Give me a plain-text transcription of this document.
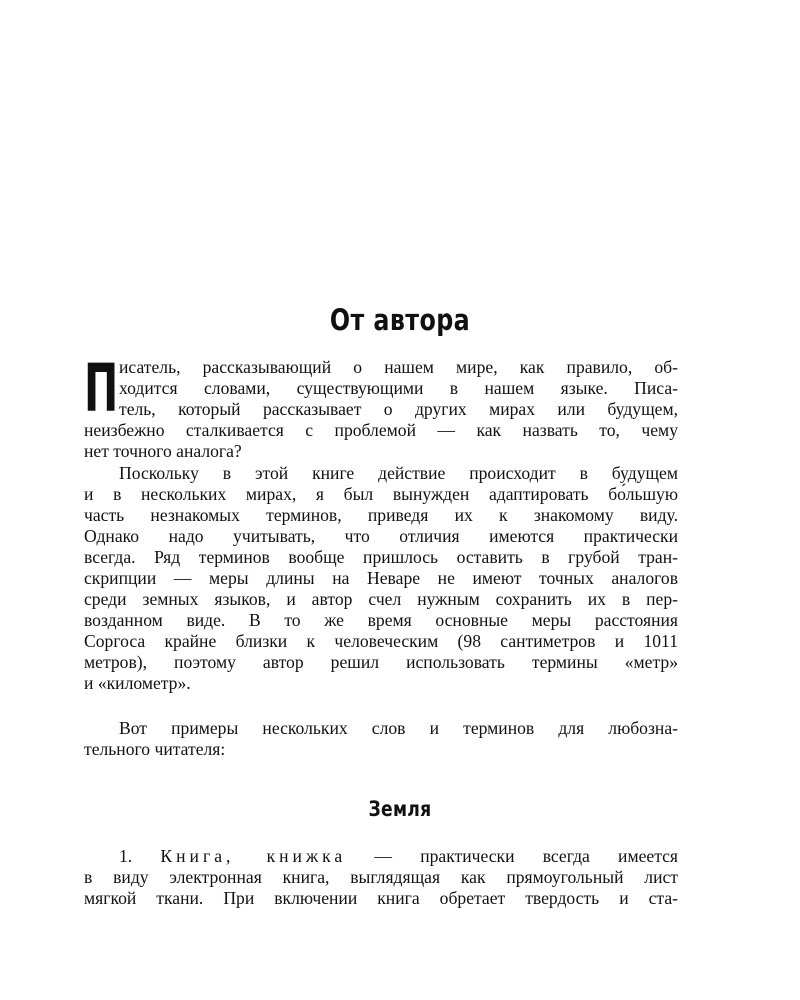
От автора
П исатель, рассказывающий о нашем мире, как правило, об-
ходится словами, существующими в нашем языке. Писа-
тель, который рассказывает о других мирах или будущем,
неизбежно сталкивается с проблемой — как назвать то, чему
нет точного аналога?
Поскольку в этой книге действие происходит в будущем
и в нескольких мирах, я был вынужден адаптировать бо́льшую
часть незнакомых терминов, приведя их к знакомому виду.
Однако надо учитывать, что отличия имеются практически
всегда. Ряд терминов вообще пришлось оставить в грубой тран-
скрипции — меры длины на Неваре не имеют точных аналогов
среди земных языков, и автор счел нужным сохранить их в пер-
возданном виде. В то же время основные меры расстояния
Соргоса крайне близки к человеческим (98 сантиметров и 1011
метров), поэтому автор решил использовать термины «метр»
и «километр».
Вот примеры нескольких слов и терминов для любозна-
тельного читателя:
Земля
1. Книга, книжка — практически всегда имеется
в виду электронная книга, выглядящая как прямоугольный лист
мягкой ткани. При включении книга обретает твердость и ста-
